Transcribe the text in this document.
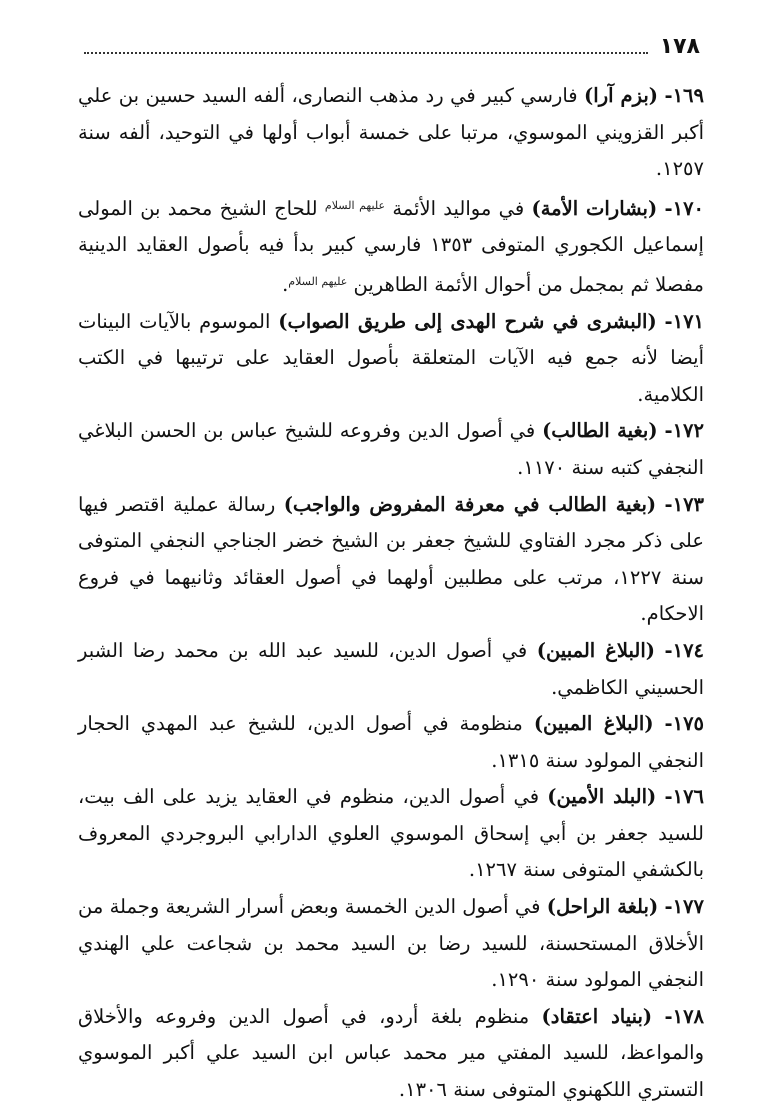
١٧٨

١٦٩- (بزم آرا) فارسي كبير في رد مذهب النصارى، ألفه السيد حسين بن علي أكبر القزويني الموسوي، مرتبا على خمسة أبواب أولها في التوحيد، ألفه سنة ١٢٥٧.

١٧٠- (بشارات الأمة) في مواليد الأئمة $^{عليهم السلام}$ للحاج الشيخ محمد بن المولى إسماعيل الكجوري المتوفى ١٣٥٣ فارسي كبير بدأ فيه بأصول العقايد الدينية مفصلا ثم بمجمل من أحوال الأئمة الطاهرين $^{عليهم السلام}$.

١٧١- (البشرى في شرح الهدى إلى طريق الصواب) الموسوم بالآيات البينات أيضا لأنه جمع فيه الآيات المتعلقة بأصول العقايد على ترتيبها في الكتب الكلامية.

١٧٢- (بغية الطالب) في أصول الدين وفروعه للشيخ عباس بن الحسن البلاغي النجفي كتبه سنة ١١٧٠.

١٧٣- (بغية الطالب في معرفة المفروض والواجب) رسالة عملية اقتصر فيها على ذكر مجرد الفتاوي للشيخ جعفر بن الشيخ خضر الجناجي النجفي المتوفى سنة ١٢٢٧، مرتب على مطلبين أولهما في أصول العقائد وثانيهما في فروع الاحكام.

١٧٤- (البلاغ المبين) في أصول الدين، للسيد عبد الله بن محمد رضا الشبر الحسيني الكاظمي.

١٧٥- (البلاغ المبين) منظومة في أصول الدين، للشيخ عبد المهدي الحجار النجفي المولود سنة ١٣١٥.

١٧٦- (البلد الأمين) في أصول الدين، منظوم في العقايد يزيد على الف بيت، للسيد جعفر بن أبي إسحاق الموسوي العلوي الدارابي البروجردي المعروف بالكشفي المتوفى سنة ١٢٦٧.

١٧٧- (بلغة الراحل) في أصول الدين الخمسة وبعض أسرار الشريعة وجملة من الأخلاق المستحسنة، للسيد رضا بن السيد محمد بن شجاعت علي الهندي النجفي المولود سنة ١٢٩٠.

١٧٨- (بنياد اعتقاد) منظوم بلغة أردو، في أصول الدين وفروعه والأخلاق والمواعظ، للسيد المفتي مير محمد عباس ابن السيد علي أكبر الموسوي التستري اللكهنوي المتوفى سنة ١٣٠٦.
